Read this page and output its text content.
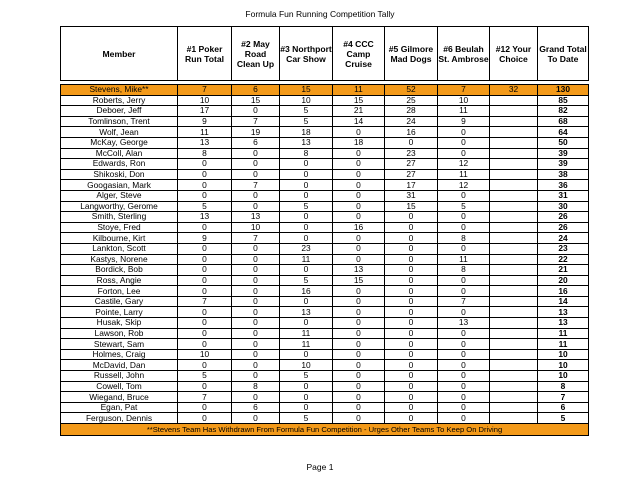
Formula Fun Running Competition Tally
Member	#1 Poker Run Total	#2 May Road Clean Up	#3 Northport Car Show	#4 CCC Camp Cruise	#5 Gilmore Mad Dogs	#6 Beulah St. Ambrose	#12 Your Choice	Grand Total To Date

Stevens, Mike**	7	6	15	11	52	7	32	130
Roberts, Jerry	10	15	10	15	25	10		85
Deboer, Jeff	17	0	5	21	28	11		82
Tomlinson, Trent	9	7	5	14	24	9		68
Wolf, Jean	11	19	18	0	16	0		64
McKay, George	13	6	13	18	0	0		50
McColl, Alan	8	0	8	0	23	0		39
Edwards, Ron	0	0	0	0	27	12		39
Shikoski, Don	0	0	0	0	27	11		38
Googasian, Mark	0	7	0	0	17	12		36
Alger, Steve	0	0	0	0	31	0		31
Langworthy, Gerome	5	0	5	0	15	5		30
Smith, Sterling	13	13	0	0	0	0		26
Stoye, Fred	0	10	0	16	0	0		26
Kilbourne, Kirt	9	7	0	0	0	8		24
Lankton, Scott	0	0	23	0	0	0		23
Kastys, Norene	0	0	11	0	0	11		22
Bordick, Bob	0	0	0	13	0	8		21
Ross, Angie	0	0	5	15	0	0		20
Forton, Lee	0	0	16	0	0	0		16
Castile, Gary	7	0	0	0	0	7		14
Pointe, Larry	0	0	13	0	0	0		13
Husak, Skip	0	0	0	0	0	13		13
Lawson, Rob	0	0	11	0	0	0		11
Stewart, Sam	0	0	11	0	0	0		11
Holmes, Craig	10	0	0	0	0	0		10
McDavid, Dan	0	0	10	0	0	0		10
Russell, John	5	0	5	0	0	0		10
Cowell, Tom	0	8	0	0	0	0		8
Wiegand, Bruce	7	0	0	0	0	0		7
Egan, Pat	0	6	0	0	0	0		6
Ferguson, Dennis	0	0	5	0	0	0		5
**Stevens Team Has Withdrawn From Formula Fun Competition - Urges Other Teams To Keep On Driving								
Page 1
